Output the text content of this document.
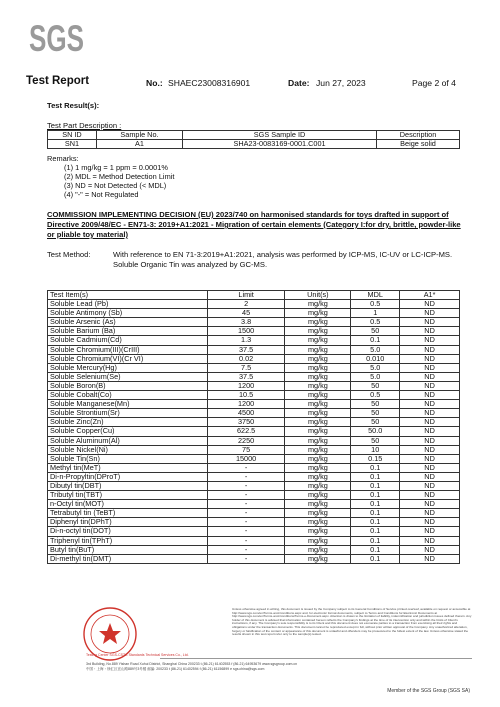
SGS
Test Report	No.: SHAEC23008316901	Date: Jun 27, 2023	Page 2 of 4
Test Result(s):
Test Part Description :
SN ID	Sample No.	SGS Sample ID	Description
SN1	A1	SHA23-0083169-0001.C001	Beige solid
Remarks:
(1) 1 mg/kg = 1 ppm = 0.0001%
(2) MDL = Method Detection Limit
(3) ND = Not Detected (< MDL)
(4) "-" = Not Regulated
COMMISSION IMPLEMENTING DECISION (EU) 2023/740 on harmonised standards for toys drafted in support of Directive 2009/48/EC - EN71-3: 2019+A1:2021 - Migration of certain elements (Category I:for dry, brittle, powder-like or pliable toy material)
Test Method:	With reference to EN 71-3:2019+A1:2021, analysis was performed by ICP-MS, IC-UV or LC-ICP-MS.
Soluble Organic Tin was analyzed by GC-MS.
Test Item(s)	Limit	Unit(s)	MDL	A1*
Soluble Lead (Pb)	2	mg/kg	0.5	ND
Soluble Antimony (Sb)	45	mg/kg	1	ND
Soluble Arsenic (As)	3.8	mg/kg	0.5	ND
Soluble Barium (Ba)	1500	mg/kg	50	ND
Soluble Cadmium(Cd)	1.3	mg/kg	0.1	ND
Soluble Chromium(III)(CrIII)	37.5	mg/kg	5.0	ND
Soluble Chromium(VI)(Cr VI)	0.02	mg/kg	0.010	ND
Soluble Mercury(Hg)	7.5	mg/kg	5.0	ND
Soluble Selenium(Se)	37.5	mg/kg	5.0	ND
Soluble Boron(B)	1200	mg/kg	50	ND
Soluble Cobalt(Co)	10.5	mg/kg	0.5	ND
Soluble Manganese(Mn)	1200	mg/kg	50	ND
Soluble Strontium(Sr)	4500	mg/kg	50	ND
Soluble Zinc(Zn)	3750	mg/kg	50	ND
Soluble Copper(Cu)	622.5	mg/kg	50.0	ND
Soluble Aluminum(Al)	2250	mg/kg	50	ND
Soluble Nickel(Ni)	75	mg/kg	10	ND
Soluble Tin(Sn)	15000	mg/kg	0.15	ND
Methyl tin(MeT)	-	mg/kg	0.1	ND
Di-n-Propyltin(DProT)	-	mg/kg	0.1	ND
Dibutyl tin(DBT)	-	mg/kg	0.1	ND
Tributyl tin(TBT)	-	mg/kg	0.1	ND
n-Octyl tin(MOT)	-	mg/kg	0.1	ND
Tetrabutyl tin (TeBT)	-	mg/kg	0.1	ND
Diphenyl tin(DPhT)	-	mg/kg	0.1	ND
Di-n-octyl tin(DOT)	-	mg/kg	0.1	ND
Triphenyl tin(TPhT)	-	mg/kg	0.1	ND
Butyl tin(BuT)	-	mg/kg	0.1	ND
Di-methyl tin(DMT)	-	mg/kg	0.1	ND
Unless otherwise agreed in writing, this document is issued by the Company subject to its General Conditions of Service printed overleaf, available on request or accessible at http://www.sgs.com/en/Terms-and-Conditions.aspx and, for electronic format documents, subject to Terms and Conditions for Electronic Documents at http://www.sgs.com/en/Terms-and-Conditions/Terms-e-Document.aspx. Attention is drawn to the limitation of liability, indemnification and jurisdiction issues defined therein. Any holder of this document is advised that information contained hereon reflects the Company's findings at the time of its intervention only and within the limits of Client's instructions, if any. The Company's sole responsibility is to its Client and this document does not exonerate parties to a transaction from exercising all their rights and obligations under the transaction documents. This document cannot be reproduced except in full, without prior written approval of the Company. Any unauthorized alteration, forgery or falsification of the content or appearance of this document is unlawful and offenders may be prosecuted to the fullest extent of the law. Unless otherwise stated the results shown in this test report refer only to the sample(s) tested.
Testing Center SGS-CSTC Standards Technical Services Co., Ltd.
3rd Building, No.889 Yishan Road Xuhui District, Shanghai China 200233 t (86-21) 61402553 f (86-21) 64953679 www.sgsgroup.com.cn
中国・上海・徐汇区宜山路889号3号楼 邮编: 200233 t (86-21) 61402594 f (86-21) 61156899 e sgs.china@sgs.com
Member of the SGS Group (SGS SA)
